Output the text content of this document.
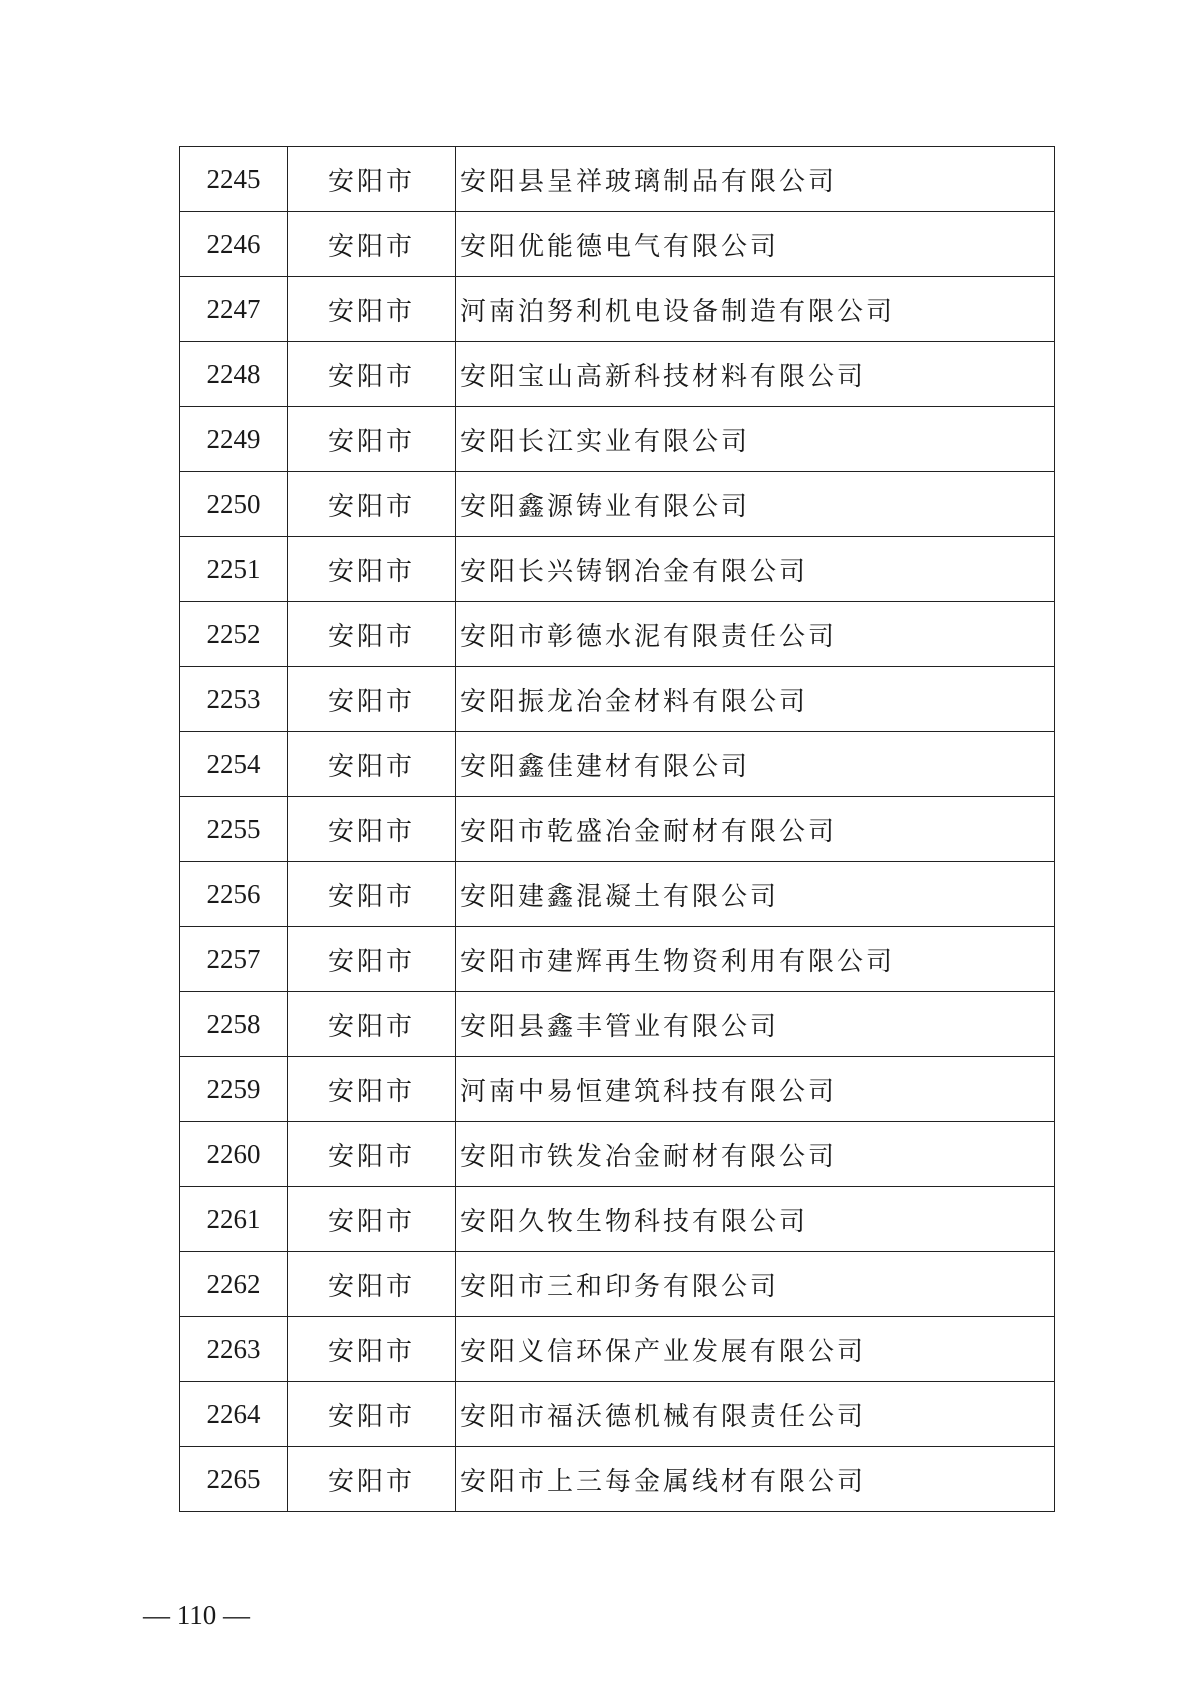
2245	安阳市	安阳县呈祥玻璃制品有限公司
2246	安阳市	安阳优能德电气有限公司
2247	安阳市	河南泊努利机电设备制造有限公司
2248	安阳市	安阳宝山高新科技材料有限公司
2249	安阳市	安阳长江实业有限公司
2250	安阳市	安阳鑫源铸业有限公司
2251	安阳市	安阳长兴铸钢冶金有限公司
2252	安阳市	安阳市彰德水泥有限责任公司
2253	安阳市	安阳振龙冶金材料有限公司
2254	安阳市	安阳鑫佳建材有限公司
2255	安阳市	安阳市乾盛冶金耐材有限公司
2256	安阳市	安阳建鑫混凝土有限公司
2257	安阳市	安阳市建辉再生物资利用有限公司
2258	安阳市	安阳县鑫丰管业有限公司
2259	安阳市	河南中易恒建筑科技有限公司
2260	安阳市	安阳市铁发冶金耐材有限公司
2261	安阳市	安阳久牧生物科技有限公司
2262	安阳市	安阳市三和印务有限公司
2263	安阳市	安阳义信环保产业发展有限公司
2264	安阳市	安阳市福沃德机械有限责任公司
2265	安阳市	安阳市上三每金属线材有限公司
— 110 —
